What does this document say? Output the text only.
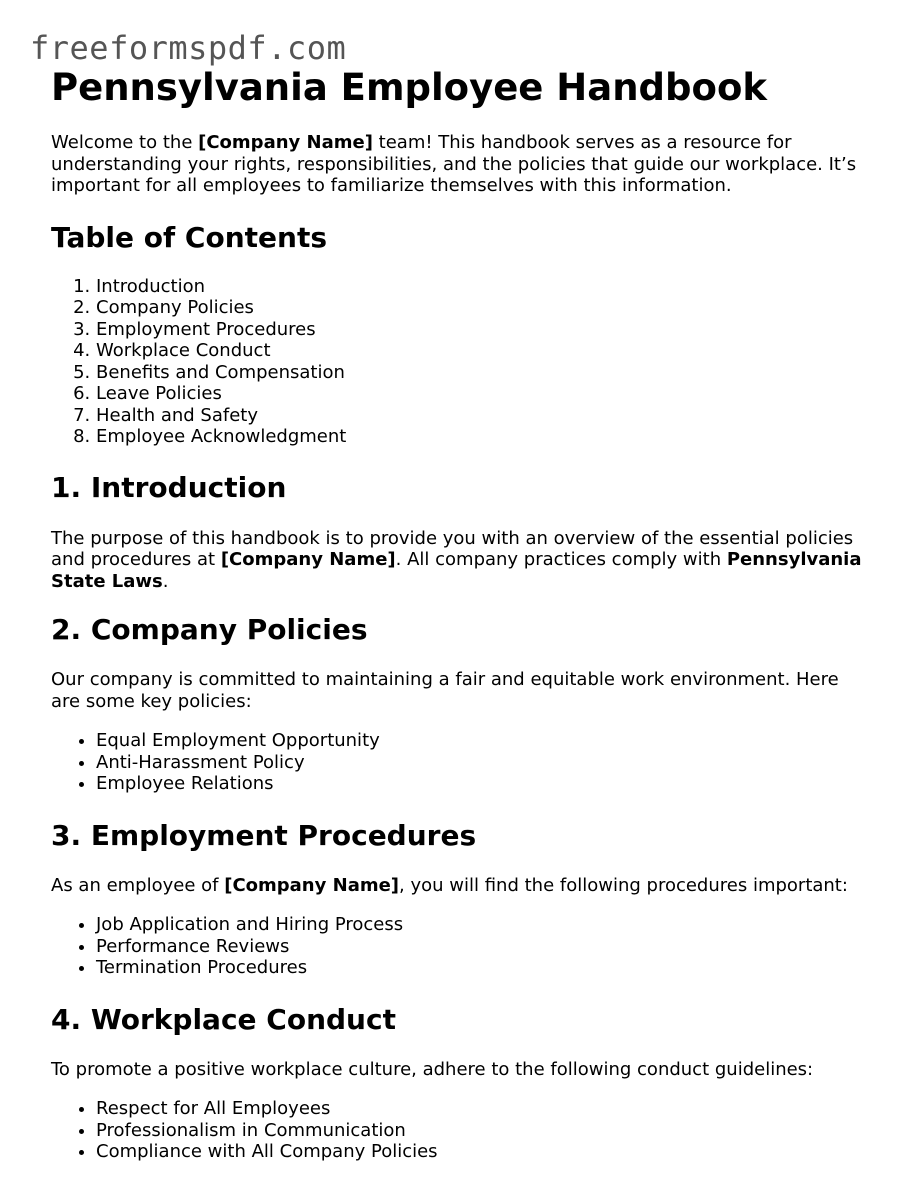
freeformspdf.com
Pennsylvania Employee Handbook

Welcome to the [Company Name] team! This handbook serves as a resource for understanding your rights, responsibilities, and the policies that guide our workplace. It’s important for all employees to familiarize themselves with this information.

Table of Contents
1. Introduction
2. Company Policies
3. Employment Procedures
4. Workplace Conduct
5. Benefits and Compensation
6. Leave Policies
7. Health and Safety
8. Employee Acknowledgment
1. Introduction

The purpose of this handbook is to provide you with an overview of the essential policies and procedures at [Company Name]. All company practices comply with Pennsylvania State Laws.

2. Company Policies

Our company is committed to maintaining a fair and equitable work environment. Here are some key policies:

• Equal Employment Opportunity
• Anti-Harassment Policy
• Employee Relations
3. Employment Procedures

As an employee of [Company Name], you will find the following procedures important:

• Job Application and Hiring Process
• Performance Reviews
• Termination Procedures
4. Workplace Conduct

To promote a positive workplace culture, adhere to the following conduct guidelines:

• Respect for All Employees
• Professionalism in Communication
• Compliance with All Company Policies
